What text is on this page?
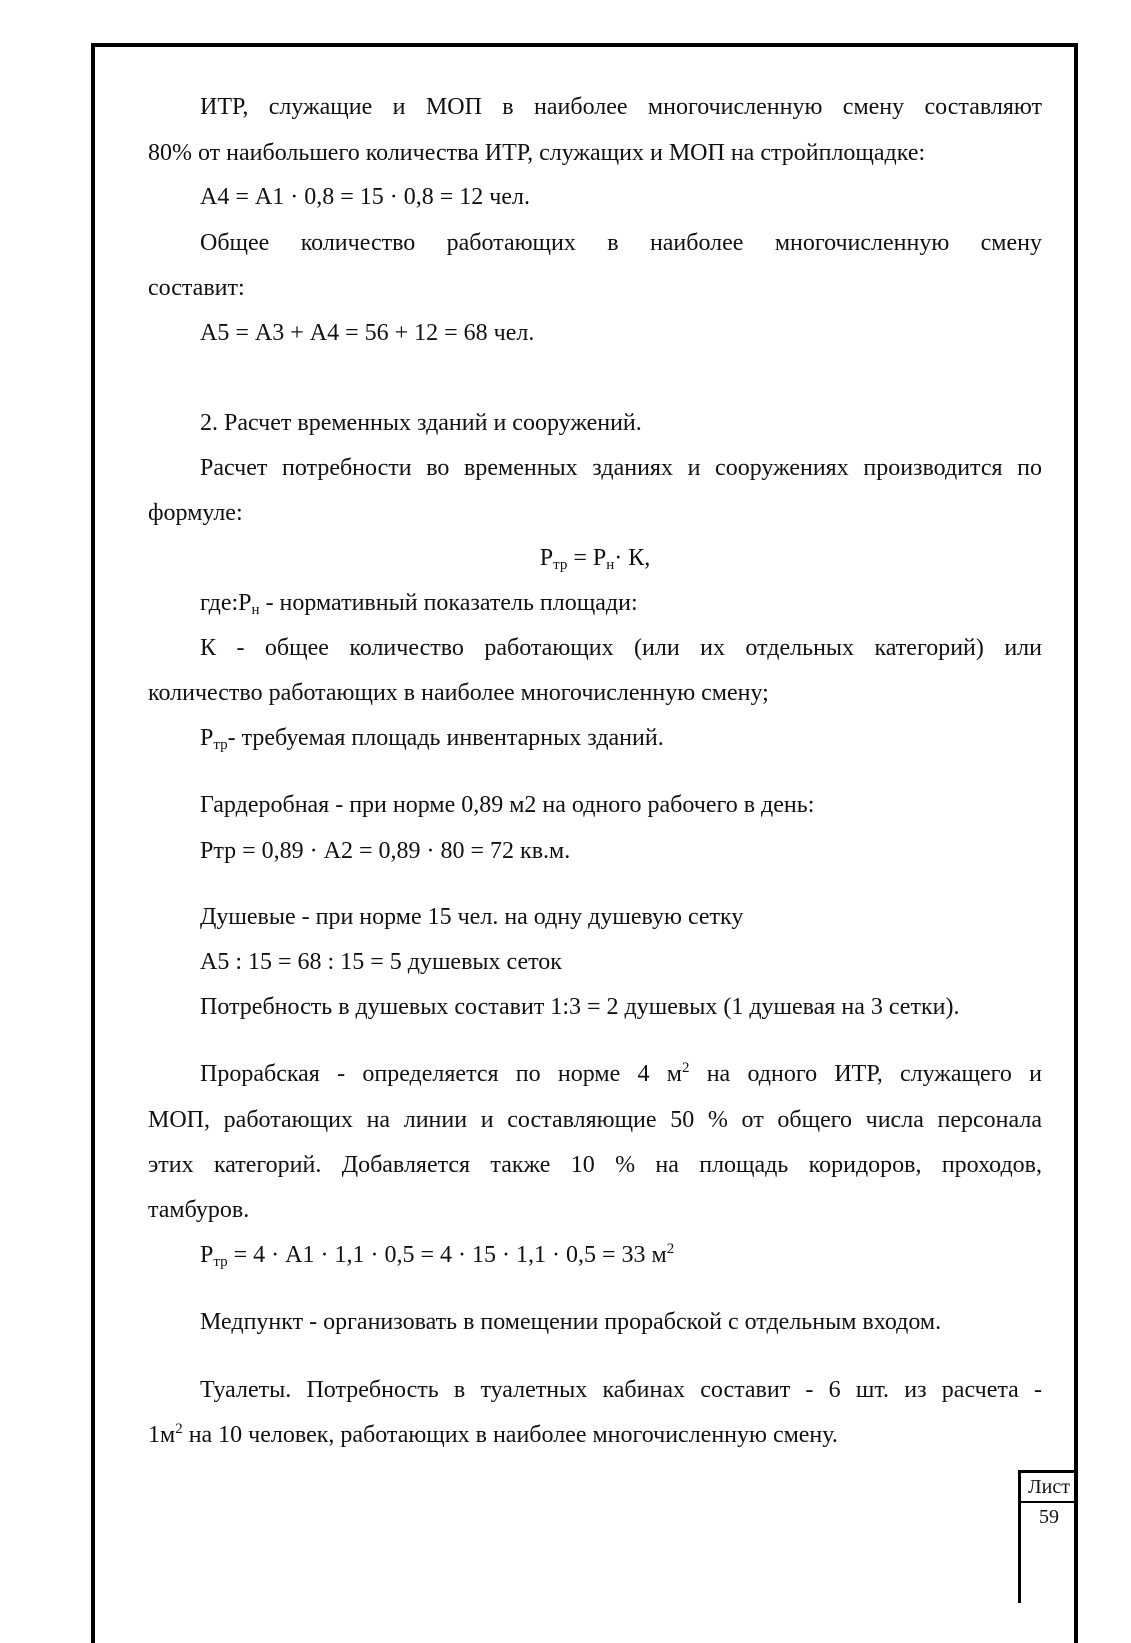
ИТР, служащие и МОП в наиболее многочисленную смену составляют
80% от наибольшего количества ИТР, служащих и МОП на стройплощадке:
А4 = А1 · 0,8 = 15 · 0,8 = 12 чел.
Общее количество работающих в наиболее многочисленную смену
составит:
А5 = А3 + А4 = 56 + 12 = 68 чел.
2. Расчет временных зданий и сооружений.
Расчет потребности во временных зданиях и сооружениях производится по
формуле:
$Р_{тр} = Р_н\cdot К$,
$где:Р_н$ - нормативный показатель площади:
К - общее количество работающих (или их отдельных категорий) или
количество работающих в наиболее многочисленную смену;
$Р_{тр}-$ требуемая площадь инвентарных зданий.
Гардеробная - при норме 0,89 м2 на одного рабочего в день:
Ртр = 0,89 · А2 = 0,89 · 80 = 72 кв.м.
Душевые - при норме 15 чел. на одну душевую сетку
А5 : 15 = 68 : 15 = 5 душевых сеток
Потребность в душевых составит 1:3 = 2 душевых (1 душевая на 3 сетки).
Прорабская - определяется по норме 4 $м^2$ на одного ИТР, служащего и
МОП, работающих на линии и составляющие 50 % от общего числа персонала
этих категорий. Добавляется также 10 % на площадь коридоров, проходов,
тамбуров.
$Р_{тр} = 4 \cdot А1 \cdot 1,1 \cdot 0,5 = 4 \cdot 15 \cdot 1,1 \cdot 0,5 = 33$ $м^2$
Медпункт - организовать в помещении прорабской с отдельным входом.
Туалеты. Потребность в туалетных кабинах составит - 6 шт. из расчета -
$1м^2$ на 10 человек, работающих в наиболее многочисленную смену.
Лист
59
